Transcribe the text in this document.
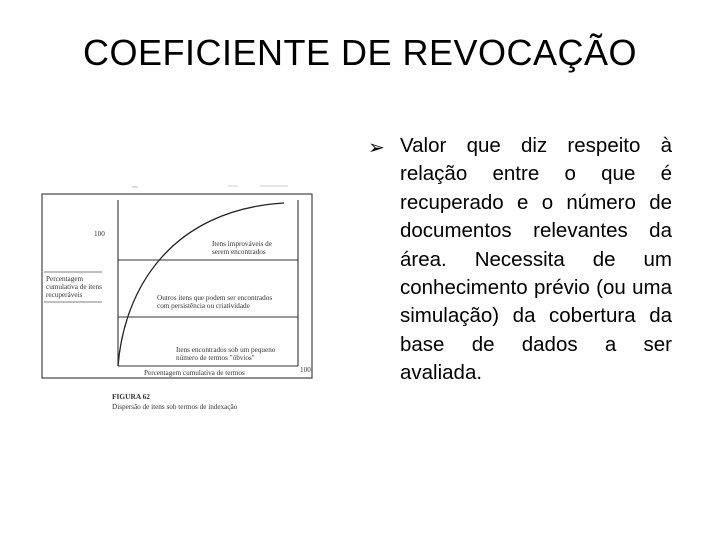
COEFICIENTE DE REVOCAÇÃO
100
Percentagem cumulativa de itens recuperáveis
Itens improváveis de serem encontrados
Outros itens que podem ser encontrados com persistência ou criatividade
Itens encontrados sob um pequeno número de termos "óbvios"
100
Percentagem cumulativa de termos
FIGURA 62
Dispersão de itens sob termos de indexação
➢ Valor que diz respeito à relação entre o que é recuperado e o número de documentos relevantes da área. Necessita de um conhecimento prévio (ou uma simulação) da cobertura da base de dados a ser avaliada.
